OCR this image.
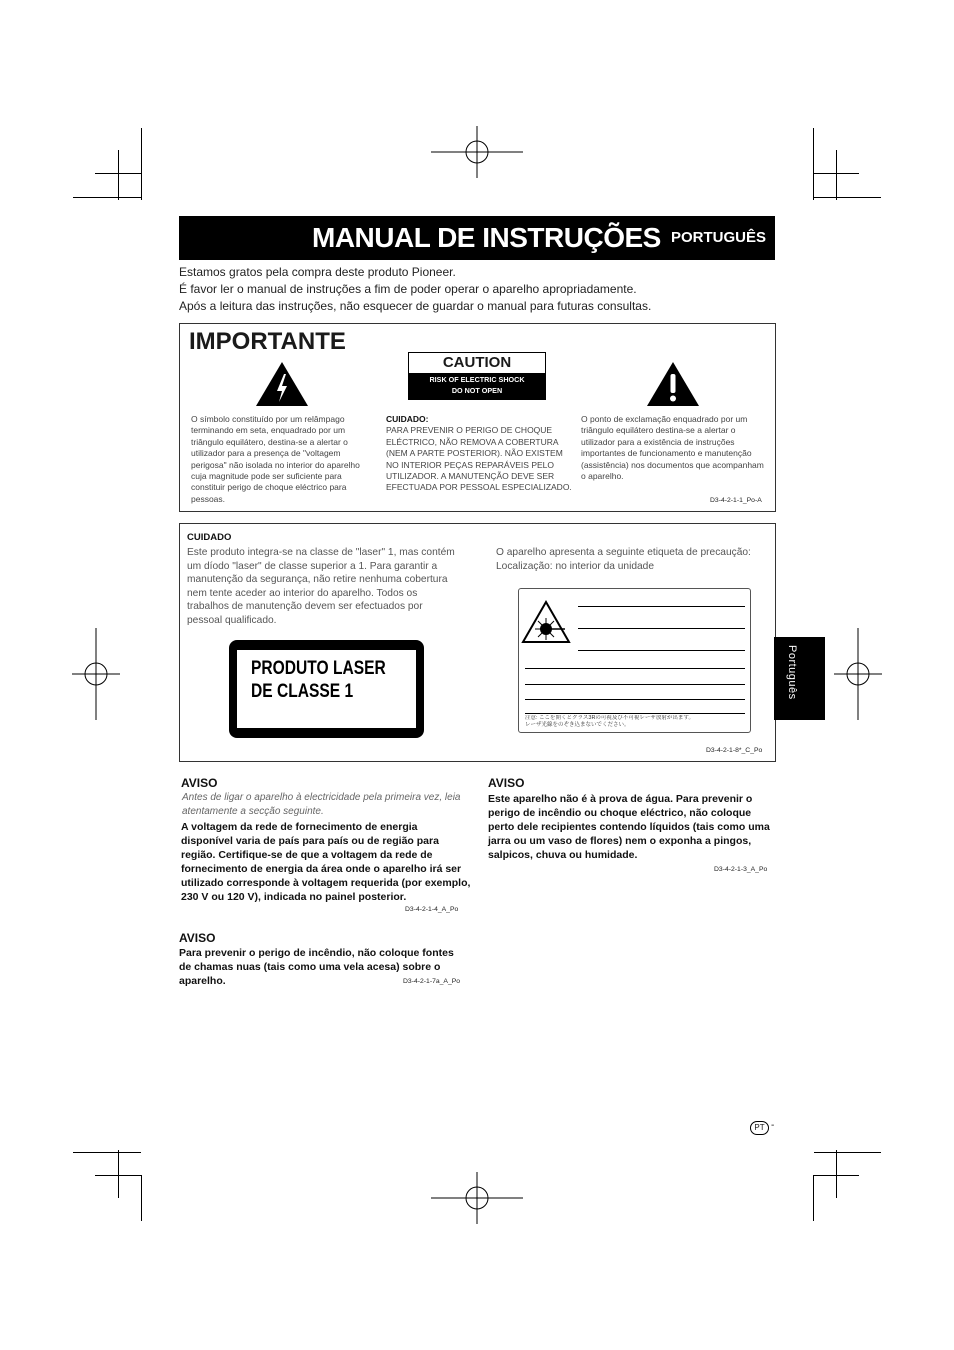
MANUAL DE INSTRUÇÕES PORTUGUÊS
Estamos gratos pela compra deste produto Pioneer.
É favor ler o manual de instruções a fim de poder operar o aparelho apropriadamente.
Após a leitura das instruções, não esquecer de guardar o manual para futuras consultas.
IMPORTANTE
CAUTION
RISK OF ELECTRIC SHOCK
DO NOT OPEN
O símbolo constituído por um relâmpago terminando em seta, enquadrado por um triângulo equilátero, destina-se a alertar o utilizador para a presença de "voltagem perigosa" não isolada no interior do aparelho cuja magnitude pode ser suficiente para constituir perigo de choque eléctrico para pessoas.
CUIDADO:
PARA PREVENIR O PERIGO DE CHOQUE ELÉCTRICO, NÃO REMOVA A COBERTURA (NEM A PARTE POSTERIOR). NÃO EXISTEM NO INTERIOR PEÇAS REPARÁVEIS PELO UTILIZADOR. A MANUTENÇÃO DEVE SER EFECTUADA POR PESSOAL ESPECIALIZADO.
O ponto de exclamação enquadrado por um triângulo equilátero destina-se a alertar o utilizador para a existência de instruções importantes de funcionamento e manutenção (assistência) nos documentos que acompanham o aparelho.
D3-4-2-1-1_Po-A
CUIDADO
Este produto integra-se na classe de "laser" 1, mas contém um díodo "laser" de classe superior a 1. Para garantir a manutenção da segurança, não retire nenhuma cobertura nem tente aceder ao interior do aparelho. Todos os trabalhos de manutenção devem ser efectuados por pessoal qualificado.
O aparelho apresenta a seguinte etiqueta de precaução:
Localização: no interior da unidade
PRODUTO LASER
DE CLASSE 1
注意: ここを開くとクラス3Rの可視及び不可視レーザ放射が出ます。
レーザ光線をのぞき込まないでください。
D3-4-2-1-8*_C_Po
Português
AVISO
Antes de ligar o aparelho à electricidade pela primeira vez, leia atentamente a secção seguinte.
A voltagem da rede de fornecimento de energia disponível varia de país para país ou de região para região. Certifique-se de que a voltagem da rede de fornecimento de energia da área onde o aparelho irá ser utilizado corresponde à voltagem requerida (por exemplo, 230 V ou 120 V), indicada no painel posterior.
D3-4-2-1-4_A_Po
AVISO
Para prevenir o perigo de incêndio, não coloque fontes de chamas nuas (tais como uma vela acesa) sobre o aparelho.	D3-4-2-1-7a_A_Po
AVISO
Este aparelho não é à prova de água. Para prevenir o perigo de incêndio ou choque eléctrico, não coloque perto dele recipientes contendo líquidos (tais como uma jarra ou um vaso de flores) nem o exponha a pingos, salpicos, chuva ou humidade.
D3-4-2-1-3_A_Po
PT -
